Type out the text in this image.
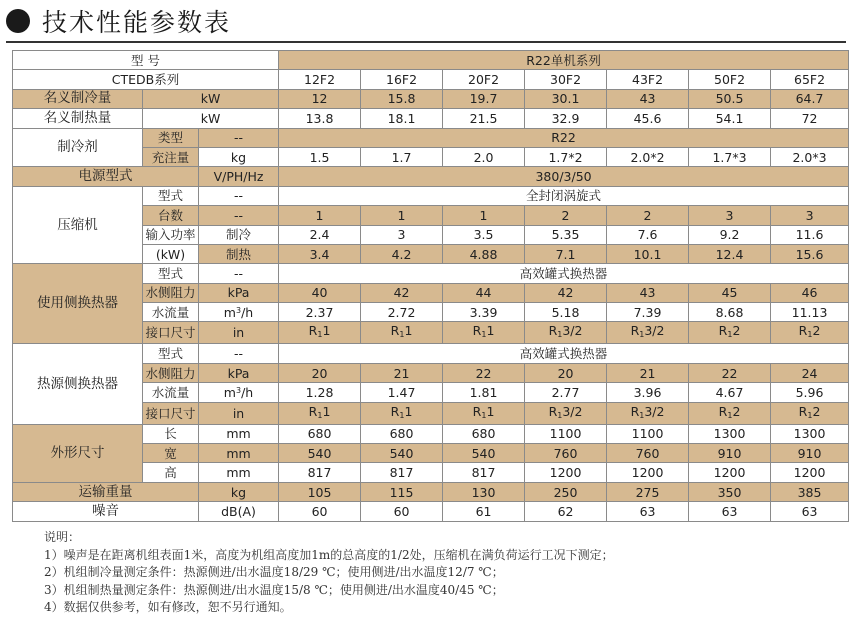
技术性能参数表
型 号			R22单机系列						
CTEDB系列			12F2	16F2	20F2	30F2	43F2	50F2	65F2
名义制冷量	kW		12	15.8	19.7	30.1	43	50.5	64.7
名义制热量	kW		13.8	18.1	21.5	32.9	45.6	54.1	72
制冷剂	类型	--	R22						
	充注量	kg	1.5	1.7	2.0	1.7*2	2.0*2	1.7*3	2.0*3
电源型式		V/PH/Hz	380/3/50						
压缩机	型式	--	全封闭涡旋式						
	台数	--	1	1	1	2	2	3	3
	输入功率	制冷	2.4	3	3.5	5.35	7.6	9.2	11.6
	(kW)	制热	3.4	4.2	4.88	7.1	10.1	12.4	15.6
使用侧换热器	型式	--	高效罐式换热器						
	水侧阻力	kPa	40	42	44	42	43	45	46
	水流量	$m^3/h$	2.37	2.72	3.39	5.18	7.39	8.68	11.13
	接口尺寸	in	$R_11$	$R_11$	$R_11$	$R_13/2$	$R_13/2$	$R_12$	$R_12$
热源侧换热器	型式	--	高效罐式换热器						
	水侧阻力	kPa	20	21	22	20	21	22	24
	水流量	$m^3/h$	1.28	1.47	1.81	2.77	3.96	4.67	5.96
	接口尺寸	in	$R_11$	$R_11$	$R_11$	$R_13/2$	$R_13/2$	$R_12$	$R_12$
外形尺寸	长	mm	680	680	680	1100	1100	1300	1300
	宽	mm	540	540	540	760	760	910	910
	高	mm	817	817	817	1200	1200	1200	1200
运输重量		kg	105	115	130	250	275	350	385
噪音		dB(A)	60	60	61	62	63	63	63
说明：
1）噪声是在距离机组表面1米，高度为机组高度加1m的总高度的1/2处，压缩机在满负荷运行工况下测定；
2）机组制冷量测定条件：热源侧进/出水温度18/29 ℃；使用侧进/出水温度12/7 ℃；
3）机组制热量测定条件：热源侧进/出水温度15/8 ℃；使用侧进/出水温度40/45 ℃；
4）数据仅供参考，如有修改，恕不另行通知。
